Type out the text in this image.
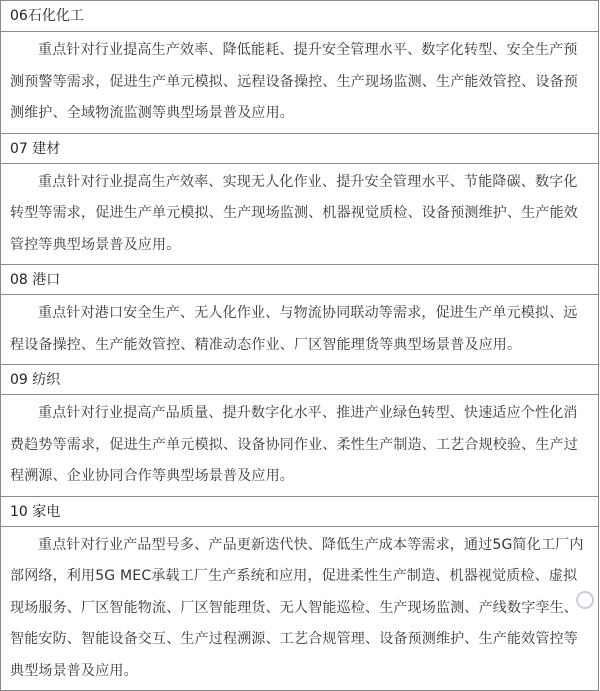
06石化化工
重点针对行业提高生产效率、降低能耗、提升安全管理水平、数字化转型、安全生产预测预警等需求，促进生产单元模拟、远程设备操控、生产现场监测、生产能效管控、设备预测维护、全域物流监测等典型场景普及应用。
07 建材
重点针对行业提高生产效率、实现无人化作业、提升安全管理水平、节能降碳、数字化转型等需求，促进生产单元模拟、生产现场监测、机器视觉质检、设备预测维护、生产能效管控等典型场景普及应用。
08 港口
重点针对港口安全生产、无人化作业、与物流协同联动等需求，促进生产单元模拟、远程设备操控、生产能效管控、精准动态作业、厂区智能理货等典型场景普及应用。
09 纺织
重点针对行业提高产品质量、提升数字化水平、推进产业绿色转型、快速适应个性化消费趋势等需求，促进生产单元模拟、设备协同作业、柔性生产制造、工艺合规校验、生产过程溯源、企业协同合作等典型场景普及应用。
10 家电
重点针对行业产品型号多、产品更新迭代快、降低生产成本等需求，通过5G简化工厂内部网络，利用5G MEC承载工厂生产系统和应用，促进柔性生产制造、机器视觉质检、虚拟现场服务、厂区智能物流、厂区智能理货、无人智能巡检、生产现场监测、产线数字孪生、智能安防、智能设备交互、生产过程溯源、工艺合规管理、设备预测维护、生产能效管控等典型场景普及应用。
